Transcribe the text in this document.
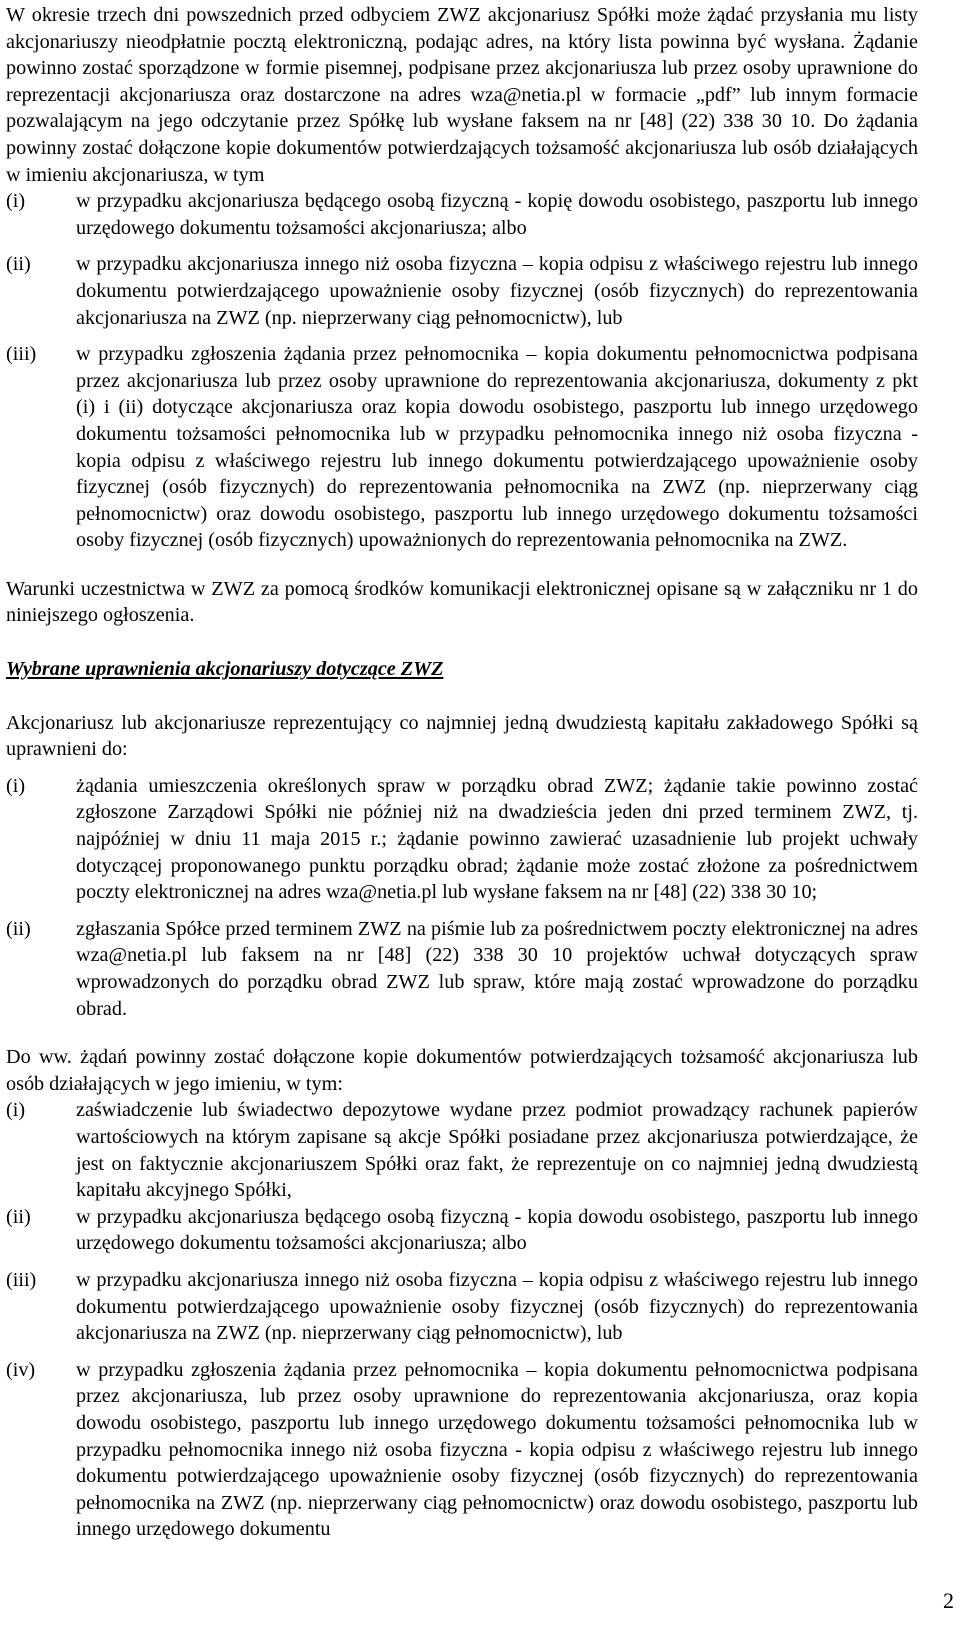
W okresie trzech dni powszednich przed odbyciem ZWZ akcjonariusz Spółki może żądać przysłania mu listy akcjonariuszy nieodpłatnie pocztą elektroniczną, podając adres, na który lista powinna być wysłana. Żądanie powinno zostać sporządzone w formie pisemnej, podpisane przez akcjonariusza lub przez osoby uprawnione do reprezentacji akcjonariusza oraz dostarczone na adres wza@netia.pl w formacie „pdf” lub innym formacie pozwalającym na jego odczytanie przez Spółkę lub wysłane faksem na nr [48] (22) 338 30 10. Do żądania powinny zostać dołączone kopie dokumentów potwierdzających tożsamość akcjonariusza lub osób działających w imieniu akcjonariusza, w tym

(i)	w przypadku akcjonariusza będącego osobą fizyczną - kopię dowodu osobistego, paszportu lub innego urzędowego dokumentu tożsamości akcjonariusza; albo
(ii)	w przypadku akcjonariusza innego niż osoba fizyczna – kopia odpisu z właściwego rejestru lub innego dokumentu potwierdzającego upoważnienie osoby fizycznej (osób fizycznych) do reprezentowania akcjonariusza na ZWZ (np. nieprzerwany ciąg pełnomocnictw), lub
(iii)	w przypadku zgłoszenia żądania przez pełnomocnika – kopia dokumentu pełnomocnictwa podpisana przez akcjonariusza lub przez osoby uprawnione do reprezentowania akcjonariusza, dokumenty z pkt (i) i (ii) dotyczące akcjonariusza oraz kopia dowodu osobistego, paszportu lub innego urzędowego dokumentu tożsamości pełnomocnika lub w przypadku pełnomocnika innego niż osoba fizyczna - kopia odpisu z właściwego rejestru lub innego dokumentu potwierdzającego upoważnienie osoby fizycznej (osób fizycznych) do reprezentowania pełnomocnika na ZWZ (np. nieprzerwany ciąg pełnomocnictw) oraz dowodu osobistego, paszportu lub innego urzędowego dokumentu tożsamości osoby fizycznej (osób fizycznych) upoważnionych do reprezentowania pełnomocnika na ZWZ.

Warunki uczestnictwa w ZWZ za pomocą środków komunikacji elektronicznej opisane są w załączniku nr 1 do niniejszego ogłoszenia.

Wybrane uprawnienia akcjonariuszy dotyczące ZWZ

Akcjonariusz lub akcjonariusze reprezentujący co najmniej jedną dwudziestą kapitału zakładowego Spółki są uprawnieni do:

(i)	żądania umieszczenia określonych spraw w porządku obrad ZWZ; żądanie takie powinno zostać zgłoszone Zarządowi Spółki nie później niż na dwadzieścia jeden dni przed terminem ZWZ, tj. najpóźniej w dniu 11 maja 2015 r.; żądanie powinno zawierać uzasadnienie lub projekt uchwały dotyczącej proponowanego punktu porządku obrad; żądanie może zostać złożone za pośrednictwem poczty elektronicznej na adres wza@netia.pl lub wysłane faksem na nr [48] (22) 338 30 10;
(ii)	zgłaszania Spółce przed terminem ZWZ na piśmie lub za pośrednictwem poczty elektronicznej na adres wza@netia.pl lub faksem na nr [48] (22) 338 30 10 projektów uchwał dotyczących spraw wprowadzonych do porządku obrad ZWZ lub spraw, które mają zostać wprowadzone do porządku obrad.

Do ww. żądań powinny zostać dołączone kopie dokumentów potwierdzających tożsamość akcjonariusza lub osób działających w jego imieniu, w tym:

(i)	zaświadczenie lub świadectwo depozytowe wydane przez podmiot prowadzący rachunek papierów wartościowych na którym zapisane są akcje Spółki posiadane przez akcjonariusza potwierdzające, że jest on faktycznie akcjonariuszem Spółki oraz fakt, że reprezentuje on co najmniej jedną dwudziestą kapitału akcyjnego Spółki,
(ii)	w przypadku akcjonariusza będącego osobą fizyczną - kopia dowodu osobistego, paszportu lub innego urzędowego dokumentu tożsamości akcjonariusza; albo
(iii)	w przypadku akcjonariusza innego niż osoba fizyczna – kopia odpisu z właściwego rejestru lub innego dokumentu potwierdzającego upoważnienie osoby fizycznej (osób fizycznych) do reprezentowania akcjonariusza na ZWZ (np. nieprzerwany ciąg pełnomocnictw), lub
(iv)	w przypadku zgłoszenia żądania przez pełnomocnika – kopia dokumentu pełnomocnictwa podpisana przez akcjonariusza, lub przez osoby uprawnione do reprezentowania akcjonariusza, oraz kopia dowodu osobistego, paszportu lub innego urzędowego dokumentu tożsamości pełnomocnika lub w przypadku pełnomocnika innego niż osoba fizyczna - kopia odpisu z właściwego rejestru lub innego dokumentu potwierdzającego upoważnienie osoby fizycznej (osób fizycznych) do reprezentowania pełnomocnika na ZWZ (np. nieprzerwany ciąg pełnomocnictw) oraz dowodu osobistego, paszportu lub innego urzędowego dokumentu
2
